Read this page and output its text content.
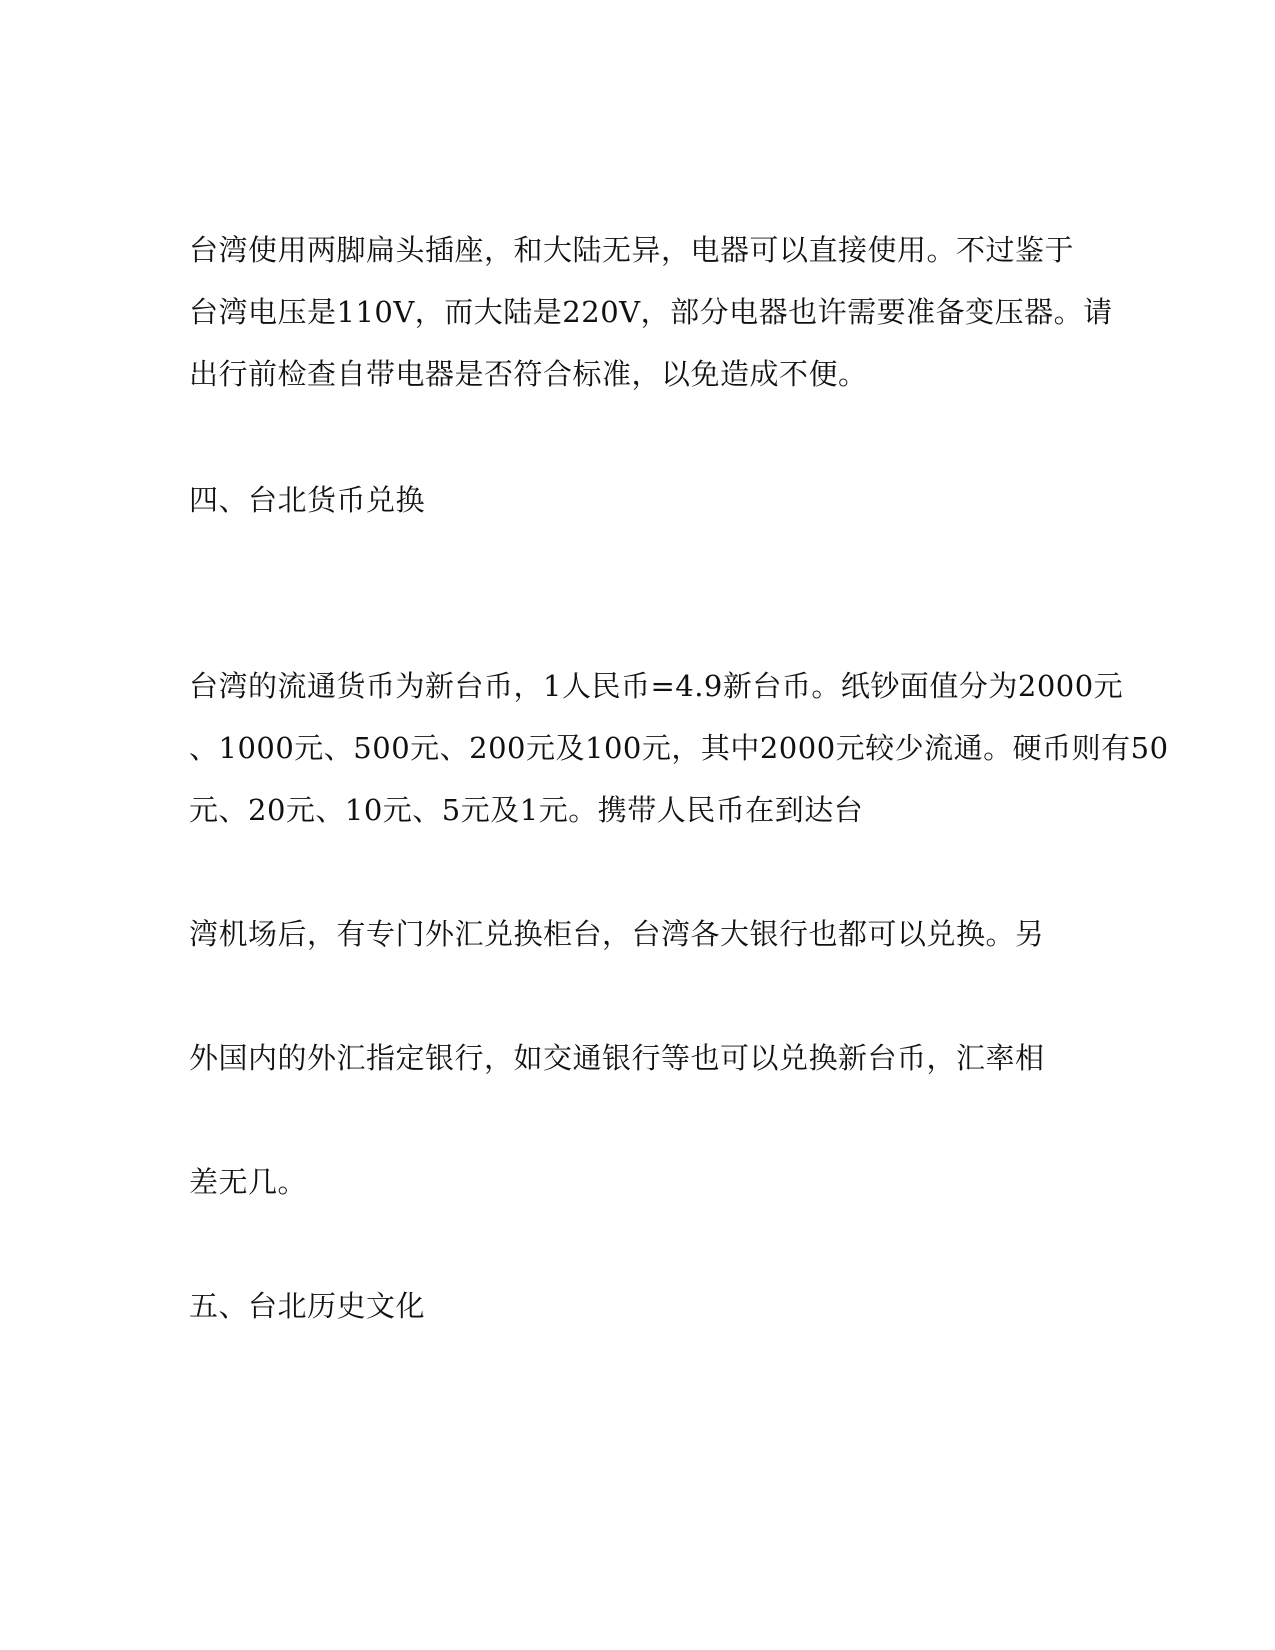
台湾使用两脚扁头插座，和大陆无异，电器可以直接使用。不过鉴于
台湾电压是110V，而大陆是220V，部分电器也许需要准备变压器。请
出行前检查自带电器是否符合标准，以免造成不便。
四、台北货币兑换
台湾的流通货币为新台币，1人民币=4.9新台币。纸钞面值分为2000元
、1000元、500元、200元及100元，其中2000元较少流通。硬币则有50
元、20元、10元、5元及1元。携带人民币在到达台
湾机场后，有专门外汇兑换柜台，台湾各大银行也都可以兑换。另
外国内的外汇指定银行，如交通银行等也可以兑换新台币，汇率相
差无几。
五、台北历史文化
